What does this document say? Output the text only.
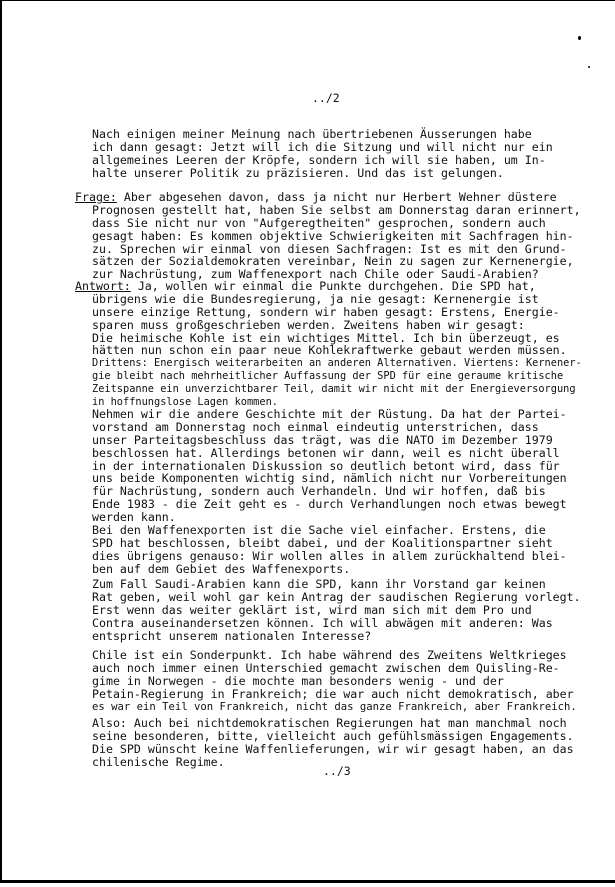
../2
Nach einigen meiner Meinung nach übertriebenen Äusserungen habe
ich dann gesagt: Jetzt will ich die Sitzung und will nicht nur ein
allgemeines Leeren der Kröpfe, sondern ich will sie haben, um In-
halte unserer Politik zu präzisieren. Und das ist gelungen.
Frage: Aber abgesehen davon, dass ja nicht nur Herbert Wehner düstere
Prognosen gestellt hat, haben Sie selbst am Donnerstag daran erinnert,
dass Sie nicht nur von "Aufgeregtheiten" gesprochen, sondern auch
gesagt haben: Es kommen objektive Schwierigkeiten mit Sachfragen hin-
zu. Sprechen wir einmal von diesen Sachfragen: Ist es mit den Grund-
sätzen der Sozialdemokraten vereinbar, Nein zu sagen zur Kernenergie,
zur Nachrüstung, zum Waffenexport nach Chile oder Saudi-Arabien?
Antwort: Ja, wollen wir einmal die Punkte durchgehen. Die SPD hat,
übrigens wie die Bundesregierung, ja nie gesagt: Kernenergie ist
unsere einzige Rettung, sondern wir haben gesagt: Erstens, Energie-
sparen muss großgeschrieben werden. Zweitens haben wir gesagt:
Die heimische Kohle ist ein wichtiges Mittel. Ich bin überzeugt, es
hätten nun schon ein paar neue Kohlekraftwerke gebaut werden müssen.
Drittens: Energisch weiterarbeiten an anderen Alternativen. Viertens: Kernener-
gie bleibt nach mehrheitlicher Auffassung der SPD für eine geraume kritische
Zeitspanne ein unverzichtbarer Teil, damit wir nicht mit der Energieversorgung
in hoffnungslose Lagen kommen.
Nehmen wir die andere Geschichte mit der Rüstung. Da hat der Partei-
vorstand am Donnerstag noch einmal eindeutig unterstrichen, dass
unser Parteitagsbeschluss das trägt, was die NATO im Dezember 1979
beschlossen hat. Allerdings betonen wir dann, weil es nicht überall
in der internationalen Diskussion so deutlich betont wird, dass für
uns beide Komponenten wichtig sind, nämlich nicht nur Vorbereitungen
für Nachrüstung, sondern auch Verhandeln. Und wir hoffen, daß bis
Ende 1983 - die Zeit geht es - durch Verhandlungen noch etwas bewegt
werden kann.
Bei den Waffenexporten ist die Sache viel einfacher. Erstens, die
SPD hat beschlossen, bleibt dabei, und der Koalitionspartner sieht
dies übrigens genauso: Wir wollen alles in allem zurückhaltend blei-
ben auf dem Gebiet des Waffenexports.
Zum Fall Saudi-Arabien kann die SPD, kann ihr Vorstand gar keinen
Rat geben, weil wohl gar kein Antrag der saudischen Regierung vorlegt.
Erst wenn das weiter geklärt ist, wird man sich mit dem Pro und
Contra auseinandersetzen können. Ich will abwägen mit anderen: Was
entspricht unserem nationalen Interesse?
Chile ist ein Sonderpunkt. Ich habe während des Zweitens Weltkrieges
auch noch immer einen Unterschied gemacht zwischen dem Quisling-Re-
gime in Norwegen - die mochte man besonders wenig - und der
Petain-Regierung in Frankreich; die war auch nicht demokratisch, aber
es war ein Teil von Frankreich, nicht das ganze Frankreich, aber Frankreich.
Also: Auch bei nichtdemokratischen Regierungen hat man manchmal noch
seine besonderen, bitte, vielleicht auch gefühlsmässigen Engagements.
Die SPD wünscht keine Waffenlieferungen, wir wir gesagt haben, an das
chilenische Regime.
../3
